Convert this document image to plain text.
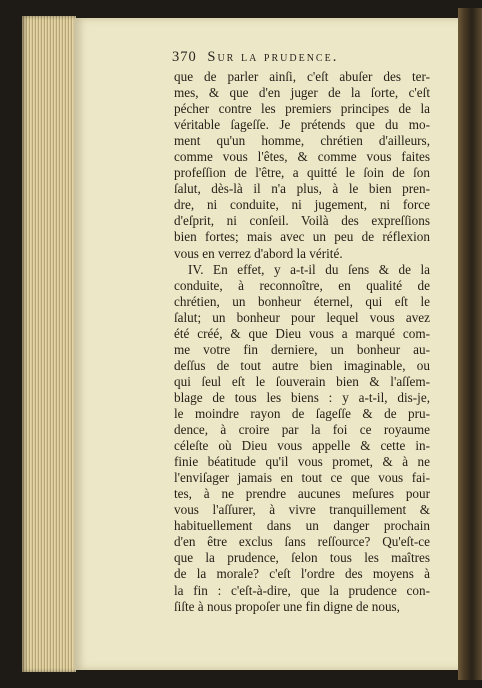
370 Sur la prudence.
que de parler ainſi, c'eſt abuſer des ter-
mes, & que d'en juger de la ſorte, c'eſt
pécher contre les premiers principes de la
véritable ſageſſe. Je prétends que du mo-
ment qu'un homme, chrétien d'ailleurs,
comme vous l'êtes, & comme vous faites
profeſſion de l'être, a quitté le ſoin de ſon
ſalut, dès-là il n'a plus, à le bien pren-
dre, ni conduite, ni jugement, ni force
d'eſprit, ni conſeil. Voilà des expreſſions
bien fortes; mais avec un peu de réflexion
vous en verrez d'abord la vérité.
IV. En effet, y a-t-il du ſens & de la
conduite, à reconnoître, en qualité de
chrétien, un bonheur éternel, qui eſt le
ſalut; un bonheur pour lequel vous avez
été créé, & que Dieu vous a marqué com-
me votre fin derniere, un bonheur au-
deſſus de tout autre bien imaginable, ou
qui ſeul eſt le ſouverain bien & l'aſſem-
blage de tous les biens : y a-t-il, dis-je,
le moindre rayon de ſageſſe & de pru-
dence, à croire par la foi ce royaume
céleſte où Dieu vous appelle & cette in-
finie béatitude qu'il vous promet, & à ne
l'enviſager jamais en tout ce que vous fai-
tes, à ne prendre aucunes meſures pour
vous l'aſſurer, à vivre tranquillement &
habituellement dans un danger prochain
d'en être exclus ſans reſſource? Qu'eſt-ce
que la prudence, ſelon tous les maîtres
de la morale? c'eſt l'ordre des moyens à
la fin : c'eſt-à-dire, que la prudence con-
ſiſte à nous propoſer une fin digne de nous,
